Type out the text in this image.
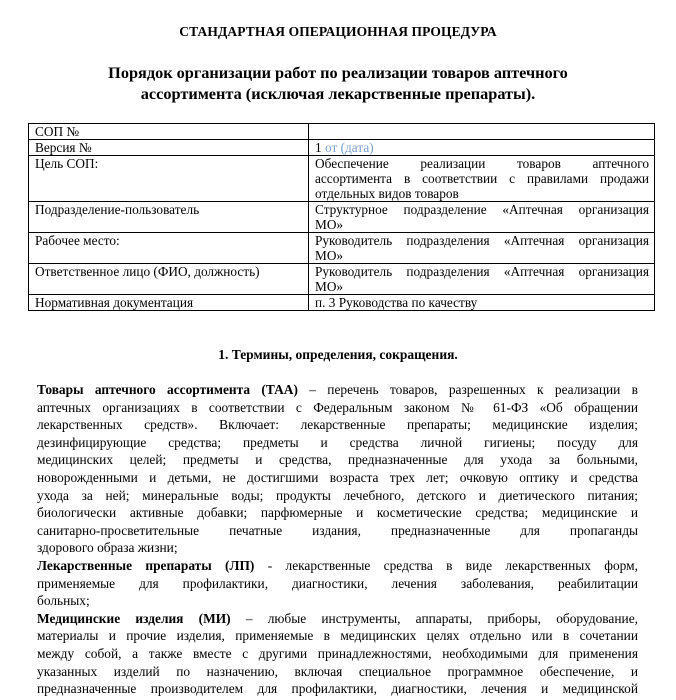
СТАНДАРТНАЯ ОПЕРАЦИОННАЯ ПРОЦЕДУРА
Порядок организации работ по реализации товаров аптечного
ассортимента (исключая лекарственные препараты).
СОП №	
Версия №	1 от (дата)
Цель СОП:	Обеспечение реализации товаров аптечного
ассортимента в соответствии с правилами продажи
отдельных видов товаров

Подразделение-пользователь	Структурное подразделение «Аптечная организация
МО»

Рабочее место:	Руководитель подразделения «Аптечная организация
МО»

Ответственное лицо (ФИО, должность)	Руководитель подразделения «Аптечная организация
МО»

Нормативная документация	п. 3 Руководства по качеству
1. Термины, определения, сокращения.
Товары аптечного ассортимента (ТАА) – перечень товаров, разрешенных к реализации в
аптечных организациях в соответствии с Федеральным законом № 61-ФЗ «Об обращении
лекарственных средств». Включает: лекарственные препараты; медицинские изделия;
дезинфицирующие средства; предметы и средства личной гигиены; посуду для
медицинских целей; предметы и средства, предназначенные для ухода за больными,
новорожденными и детьми, не достигшими возраста трех лет; очковую оптику и средства
ухода за ней; минеральные воды; продукты лечебного, детского и диетического питания;
биологически активные добавки; парфюмерные и косметические средства; медицинские и
санитарно-просветительные печатные издания, предназначенные для пропаганды
здорового образа жизни;
Лекарственные препараты (ЛП) - лекарственные средства в виде лекарственных форм,
применяемые для профилактики, диагностики, лечения заболевания, реабилитации
больных;
Медицинские изделия (МИ) – любые инструменты, аппараты, приборы, оборудование,
материалы и прочие изделия, применяемые в медицинских целях отдельно или в сочетании
между собой, а также вместе с другими принадлежностями, необходимыми для применения
указанных изделий по назначению, включая специальное программное обеспечение, и
предназначенные производителем для профилактики, диагностики, лечения и медицинской
